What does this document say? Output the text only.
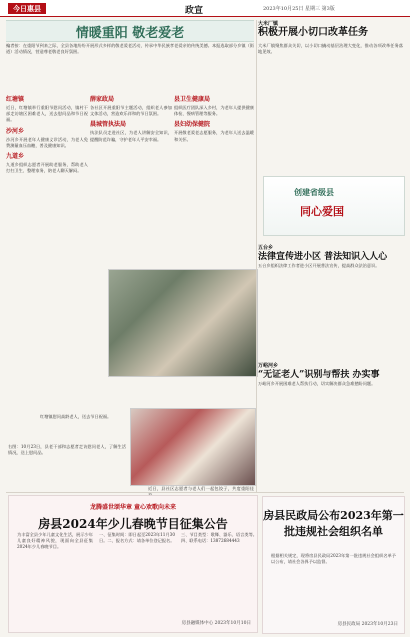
今日惠县	政宣	2023年10月25日 星期三 第3版
情暖重阳 敬老爱老
編者按：在重阳节到来之际，全县各地纷纷开展形式多样的敬老爱老活动，传承中华民族孝老爱亲的传统美德。本报选取部分乡镇（街道）活动情况，营造尊老敬老良好氛围。
红塘镇
近日，红塘镇举行重阳节慰问活动，镇村干部走访辖区困难老人，送去慰问品和节日祝福。
沙河乡
沙河乡开展老年人健康义诊活动，为老人免费测量血压血糖，普及健康知识。
九道乡
九道乡组织志愿者开展助老服务，帮助老人打扫卫生、整理家务，陪老人聊天解闷。
薛家政局
各社区开展重阳节主题活动，组织老人参加文体活动，营造欢乐祥和的节日氛围。
晨城管执法局
执法队员走进社区，为老人讲解安全知识，提醒防范诈骗，守护老年人平安幸福。
县卫生健康局
组织医疗团队深入乡村，为老年人提供健康体检、慢病管理等服务。
县妇幼保健院
开展敬老爱老志愿服务，为老年人送去温暖和关怀。
近日，县社区志愿者与老人们一起包饺子，共度重阳佳
红塘镇慰问高龄老人，送去节日祝福。
右图：10月23日，县老干部和志愿者走访慰问老人，了解生活情况，送上慰问品。
大米厂镇
积极开展小切口改革任务
大米厂镇聚焦群众关切，以小切口撬动基层治理大变化，推动各项改革任务落地见效。
创建省级县
同心爱国
五台乡
法律宣传进小区 普法知识入人心
五台乡组织法律工作者进小区开展普法宣传，提高群众法治意识。
万峪河乡
“无证老人”识别与帮扶 办实事
万峪河乡开展困难老人帮扶行动，切实解决群众急难愁盼问题。
龙腾盛世颂华章 童心欢歌向未来
房县2024年少儿春晚节目征集公告
为丰富全县少年儿童文化生活，展示少年儿童良好精神风貌，现面向全县征集2024年少儿春晚节目。
一、征集时间：即日起至2023年11月30日。二、报名方式：请各单位登记报名。
三、节目类型：歌舞、器乐、语言类等。四、联系电话：13872684443
房县融媒体中心 2023年10月10日
房县民政局公布2023年第一批违规社会组织名单
根据相关规定，现将房县民政局2023年第一批违规社会组织名单予以公布，请社会各界予以监督。
房县民政局 2023年10月23日
